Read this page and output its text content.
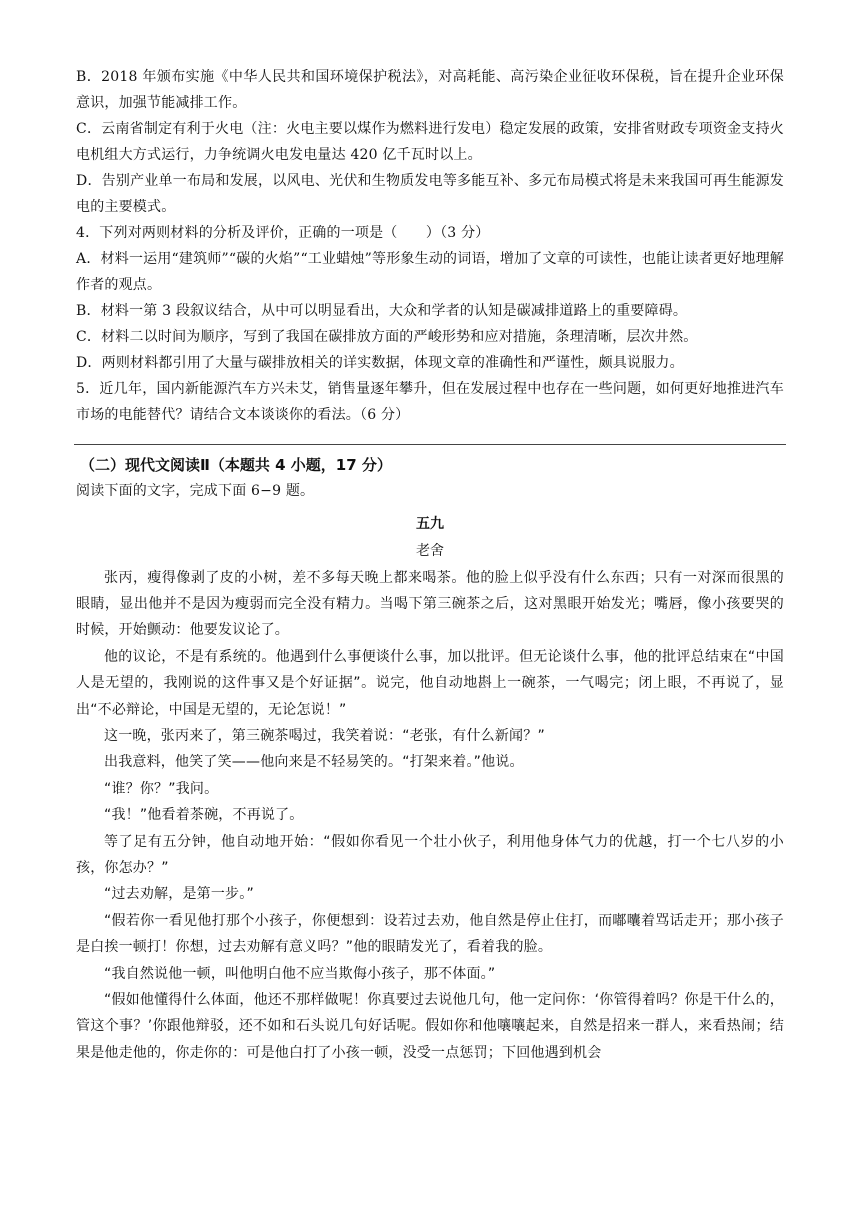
B．2018 年颁布实施《中华人民共和国环境保护税法》，对高耗能、高污染企业征收环保税，旨在提升企业环保意识，加强节能减排工作。

C．云南省制定有利于火电（注：火电主要以煤作为燃料进行发电）稳定发展的政策，安排省财政专项资金支持火电机组大方式运行，力争统调火电发电量达 420 亿千瓦时以上。

D．告别产业单一布局和发展，以风电、光伏和生物质发电等多能互补、多元布局模式将是未来我国可再生能源发电的主要模式。

4．下列对两则材料的分析及评价，正确的一项是（　　）（3 分）

A．材料一运用“建筑师”“碳的火焰”“工业蜡烛”等形象生动的词语，增加了文章的可读性，也能让读者更好地理解作者的观点。

B．材料一第 3 段叙议结合，从中可以明显看出，大众和学者的认知是碳减排道路上的重要障碍。

C．材料二以时间为顺序，写到了我国在碳排放方面的严峻形势和应对措施，条理清晰，层次井然。

D．两则材料都引用了大量与碳排放相关的详实数据，体现文章的准确性和严谨性，颇具说服力。

5．近几年，国内新能源汽车方兴未艾，销售量逐年攀升，但在发展过程中也存在一些问题，如何更好地推进汽车市场的电能替代？请结合文本谈谈你的看法。（6 分）

（二）现代文阅读Ⅱ（本题共 4 小题，17 分）

阅读下面的文字，完成下面 6−9 题。

五九

老舍

张丙，瘦得像剥了皮的小树，差不多每天晚上都来喝茶。他的脸上似乎没有什么东西；只有一对深而很黑的眼睛，显出他并不是因为瘦弱而完全没有精力。当喝下第三碗茶之后，这对黑眼开始发光；嘴唇，像小孩要哭的时候，开始颤动：他要发议论了。

他的议论，不是有系统的。他遇到什么事便谈什么事，加以批评。但无论谈什么事，他的批评总结束在“中国人是无望的，我刚说的这件事又是个好证据”。说完，他自动地斟上一碗茶，一气喝完；闭上眼，不再说了，显出“不必辩论，中国是无望的，无论怎说！”

这一晚，张丙来了，第三碗茶喝过，我笑着说：“老张，有什么新闻？”

出我意料，他笑了笑——他向来是不轻易笑的。“打架来着。”他说。

“谁？你？”我问。

“我！”他看着茶碗，不再说了。

等了足有五分钟，他自动地开始：“假如你看见一个壮小伙子，利用他身体气力的优越，打一个七八岁的小孩，你怎办？”

“过去劝解，是第一步。”

“假若你一看见他打那个小孩子，你便想到：设若过去劝，他自然是停止住打，而嘟囔着骂话走开；那小孩子是白挨一顿打！你想，过去劝解有意义吗？”他的眼睛发光了，看着我的脸。

“我自然说他一顿，叫他明白他不应当欺侮小孩子，那不体面。”

“假如他懂得什么体面，他还不那样做呢！你真要过去说他几句，他一定问你：‘你管得着吗？你是干什么的，管这个事？’你跟他辩驳，还不如和石头说几句好话呢。假如你和他嚷嚷起来，自然是招来一群人，来看热闹；结果是他走他的，你走你的：可是他白打了小孩一顿，没受一点惩罚；下回他遇到机会
